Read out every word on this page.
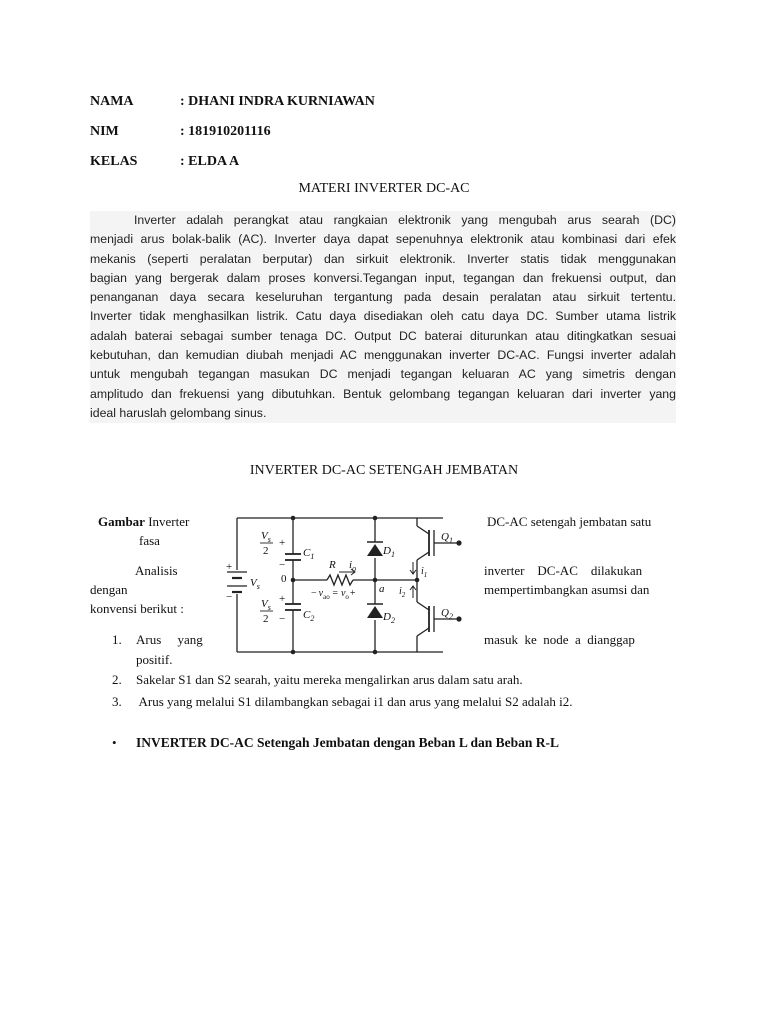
NAMA	: DHANI INDRA KURNIAWAN
NIM	: 181910201116
KELAS	: ELDA A
MATERI INVERTER DC-AC
Inverter adalah perangkat atau rangkaian elektronik yang mengubah arus searah (DC)
menjadi arus bolak-balik (AC). Inverter daya dapat sepenuhnya elektronik atau kombinasi dari efek
mekanis (seperti peralatan berputar) dan sirkuit elektronik. Inverter statis tidak menggunakan
bagian yang bergerak dalam proses konversi.Tegangan input, tegangan dan frekuensi output, dan
penanganan daya secara keseluruhan tergantung pada desain peralatan atau sirkuit tertentu.
Inverter tidak menghasilkan listrik. Catu daya disediakan oleh catu daya DC. Sumber utama listrik
adalah baterai sebagai sumber tenaga DC. Output DC baterai diturunkan atau ditingkatkan sesuai
kebutuhan, dan kemudian diubah menjadi AC menggunakan inverter DC-AC. Fungsi inverter adalah
untuk mengubah tegangan masukan DC menjadi tegangan keluaran AC yang simetris dengan
amplitudo dan frekuensi yang dibutuhkan. Bentuk gelombang tegangan keluaran dari inverter yang
ideal haruslah gelombang sinus.
INVERTER DC-AC SETENGAH JEMBATAN
Gambar Inverter	DC-AC setengah jembatan satu
fasa
Analisis	inverter    DC-AC    dilakukan
dengan	mempertimbangkan asumsi dan
konvensi berikut :
$V_s$
2
+
−
$C_1$
$V_s$
2
+
− $C_2$
+
−
$V_s$
0
R $i_o$
a
− $v_{ao} = v_o+$
$D_1$
$D_2$
$i_1$
$i_2$
$Q_1$
$Q_2$
1. Arus     yang	masuk  ke  node  a  dianggap
positif.
2. Sakelar S1 dan S2 searah, yaitu mereka mengalirkan arus dalam satu arah.
3. Arus yang melalui S1 dilambangkan sebagai i1 dan arus yang melalui S2 adalah i2.
• INVERTER DC-AC Setengah Jembatan dengan Beban L dan Beban R-L
